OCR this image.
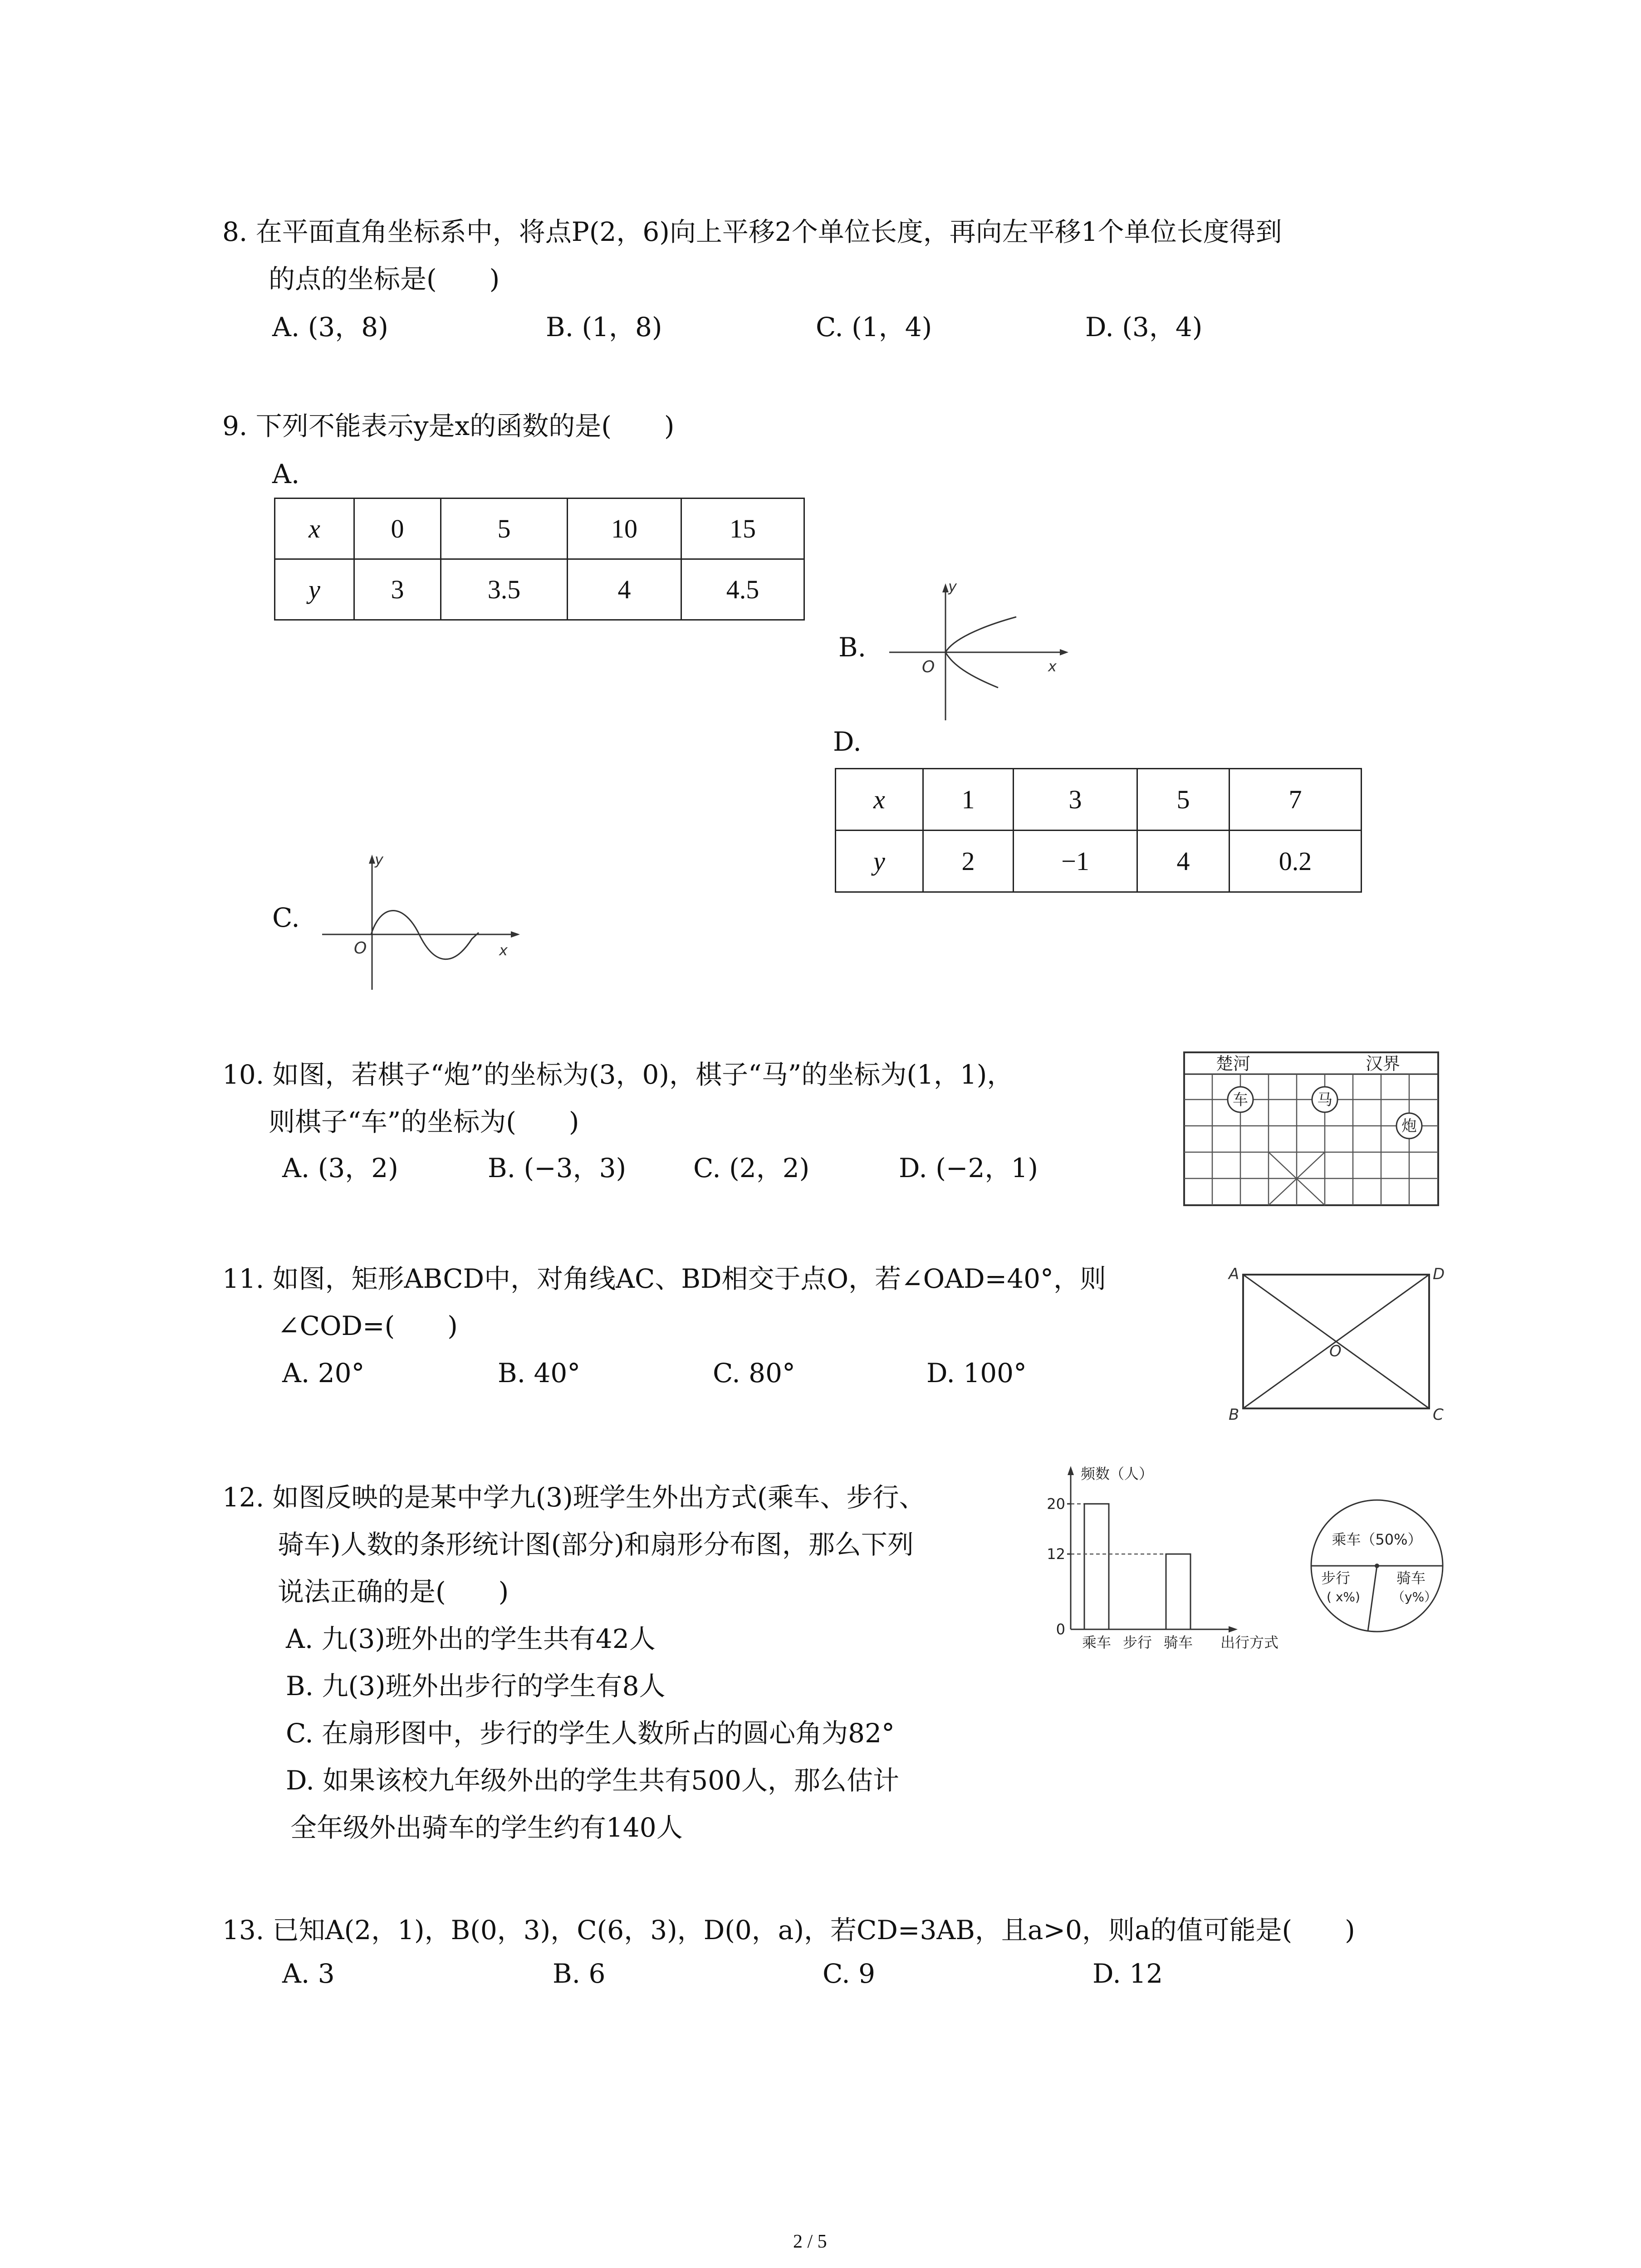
8. 在平面直角坐标系中，将点P(2，6)向上平移2个单位长度，再向左平移1个单位长度得到
的点的坐标是(　　)
A. (3，8)	B. (1，8)	C. (1，4)	D. (3，4)
9. 下列不能表示y是x的函数的是(　　)
A.
x	0	5	10	15
y	3	3.5	4	4.5
B.
y
x
O
D.
x	1	3	5	7
y	2	−1	4	0.2
C.
y
x
O
10. 如图，若棋子“炮”的坐标为(3，0)，棋子“马”的坐标为(1，1)，
则棋子“车”的坐标为(　　)
A. (3，2)	B. (−3，3)	C. (2，2)	D. (−2，1)
楚河	汉界
车	马
炮
11. 如图，矩形ABCD中，对角线AC、BD相交于点O，若∠OAD=40°，则
∠COD=(　　)
A. 20°	B. 40°	C. 80°	D. 100°
A	D
B	C
O
12. 如图反映的是某中学九(3)班学生外出方式(乘车、步行、
骑车)人数的条形统计图(部分)和扇形分布图，那么下列
说法正确的是(　　)
A. 九(3)班外出的学生共有42人
B. 九(3)班外出步行的学生有8人
C. 在扇形图中，步行的学生人数所占的圆心角为82°
D. 如果该校九年级外出的学生共有500人，那么估计
全年级外出骑车的学生约有140人
0
12
20
乘车 步行 骑车
频数（人）
出行方式
乘车（50%）
步行
( x%)
骑车
（y%）
13. 已知A(2，1)，B(0，3)，C(6，3)，D(0，a)，若CD=3AB，且a>0，则a的值可能是(　　)
A. 3	B. 6	C. 9	D. 12
2 / 5
